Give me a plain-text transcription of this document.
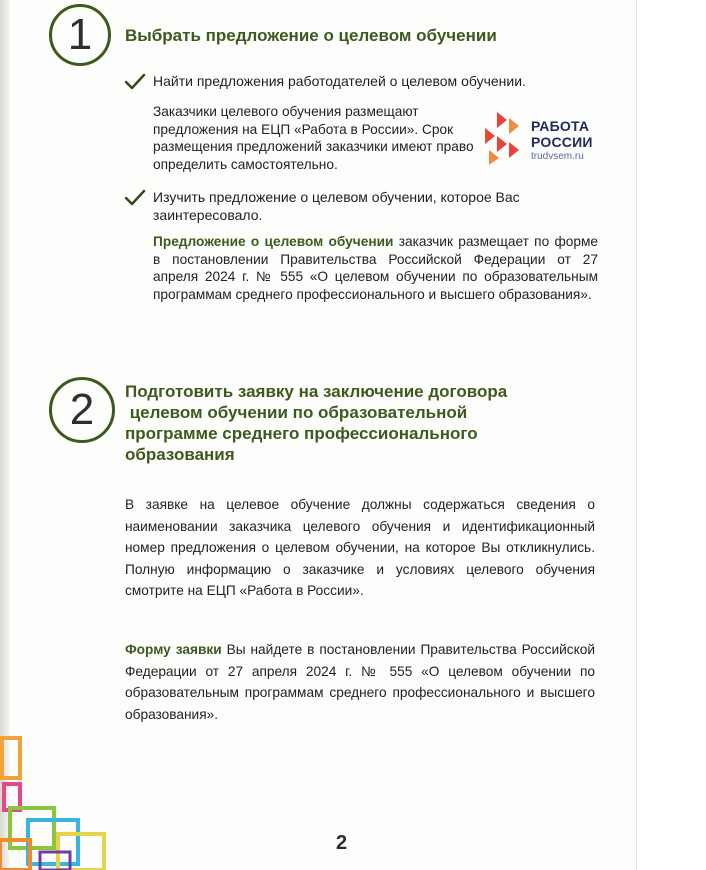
1 Выбрать предложение о целевом обучении
Найти предложения работодателей о целевом обучении.
Заказчики целевого обучения размещают предложения на ЕЦП «Работа в России». Срок размещения предложений заказчики имеют право определить самостоятельно.
РАБОТА
РОССИИ
trudvsem.ru
Изучить предложение о целевом обучении, которое Вас заинтересовало.
Предложение о целевом обучении заказчик размещает по форме в постановлении Правительства Российской Федерации от 27 апреля 2024 г. № 555 «О целевом обучении по образовательным программам среднего профессионального и высшего образования».
2 Подготовить заявку на заключение договора
целевом обучении по образовательной
программе среднего профессионального
образования
В заявке на целевое обучение должны содержаться сведения о наименовании заказчика целевого обучения и идентификационный номер предложения о целевом обучении, на которое Вы откликнулись. Полную информацию о заказчике и условиях целевого обучения смотрите на ЕЦП «Работа в России».
Форму заявки Вы найдете в постановлении Правительства Российской Федерации от 27 апреля 2024 г. № 555 «О целевом обучении по образовательным программам среднего профессионального и высшего образования».
2
